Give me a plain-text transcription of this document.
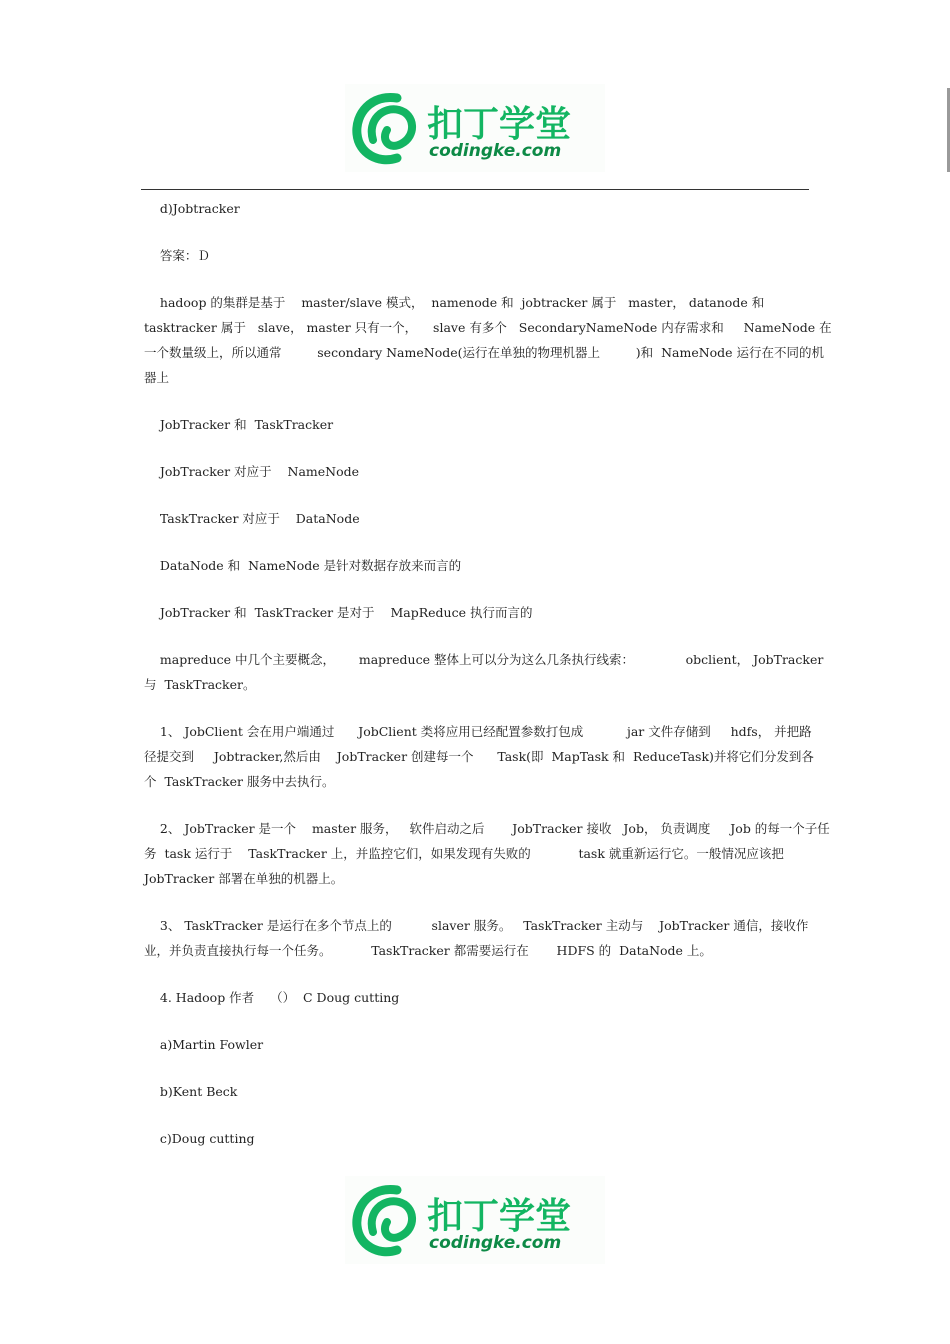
扣丁学堂
codingke.com

d)Jobtracker

答案：Ｄ

hadoop 的集群是基于    master/slave 模式，  namenode 和  jobtracker 属于   master， datanode 和
tasktracker 属于   slave， master 只有一个，    slave 有多个   SecondaryNameNode 内存需求和     NameNode 在
一个数量级上，所以通常         secondary NameNode(运行在单独的物理机器上         )和  NameNode 运行在不同的机
器上

JobTracker 和  TaskTracker

JobTracker 对应于    NameNode

TaskTracker 对应于    DataNode

DataNode 和  NameNode 是针对数据存放来而言的

JobTracker 和  TaskTracker 是对于    MapReduce 执行而言的

mapreduce 中几个主要概念，      mapreduce 整体上可以分为这么几条执行线索：             obclient， JobTracker
与  TaskTracker。

1、 JobClient 会在用户端通过      JobClient 类将应用已经配置参数打包成           jar 文件存储到     hdfs， 并把路
径提交到     Jobtracker,然后由    JobTracker 创建每一个      Task(即  MapTask 和  ReduceTask)并将它们分发到各
个  TaskTracker 服务中去执行。

2、 JobTracker 是一个    master 服务，   软件启动之后       JobTracker 接收   Job， 负责调度     Job 的每一个子任
务  task 运行于    TaskTracker 上，并监控它们，如果发现有失败的            task 就重新运行它。一般情况应该把
JobTracker 部署在单独的机器上。

3、 TaskTracker 是运行在多个节点上的          slaver 服务。   TaskTracker 主动与    JobTracker 通信，接收作
业，并负责直接执行每一个任务。          TaskTracker 都需要运行在       HDFS 的  DataNode 上。

4. Hadoop 作者    （）  C Doug cutting

a)Martin Fowler

b)Kent Beck

c)Doug cutting

扣丁学堂
codingke.com
